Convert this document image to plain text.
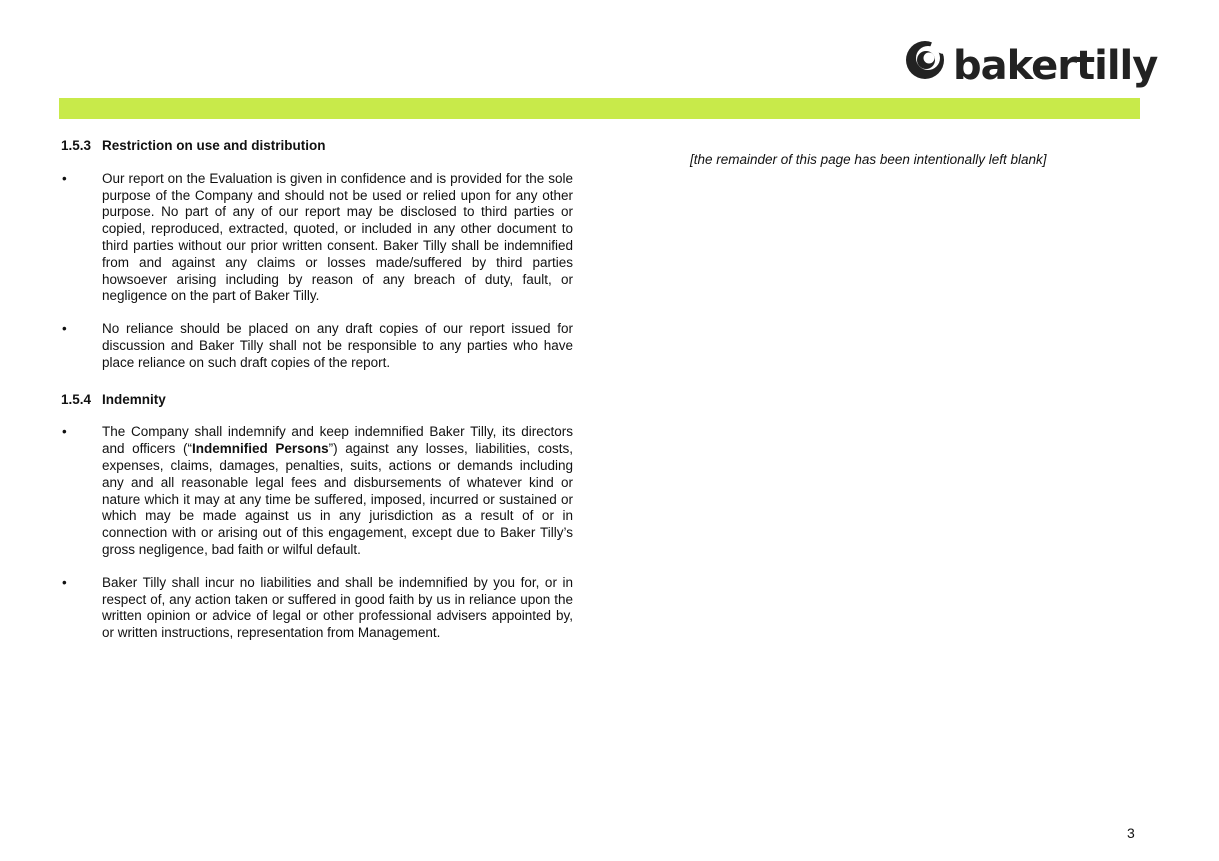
bakertilly
1.5.3 Restriction on use and distribution
•	Our report on the Evaluation is given in confidence and is provided for the sole purpose of the Company and should not be used or relied upon for any other purpose. No part of any of our report may be disclosed to third parties or copied, reproduced, extracted, quoted, or included in any other document to third parties without our prior written consent. Baker Tilly shall be indemnified from and against any claims or losses made/suffered by third parties howsoever arising including by reason of any breach of duty, fault, or negligence on the part of Baker Tilly.
•	No reliance should be placed on any draft copies of our report issued for discussion and Baker Tilly shall not be responsible to any parties who have place reliance on such draft copies of the report.
1.5.4 Indemnity
•	The Company shall indemnify and keep indemnified Baker Tilly, its directors and officers (“Indemnified Persons”) against any losses, liabilities, costs, expenses, claims, damages, penalties, suits, actions or demands including any and all reasonable legal fees and disbursements of whatever kind or nature which it may at any time be suffered, imposed, incurred or sustained or which may be made against us in any jurisdiction as a result of or in connection with or arising out of this engagement, except due to Baker Tilly’s gross negligence, bad faith or wilful default.
•	Baker Tilly shall incur no liabilities and shall be indemnified by you for, or in respect of, any action taken or suffered in good faith by us in reliance upon the written opinion or advice of legal or other professional advisers appointed by, or written instructions, representation from Management.
[the remainder of this page has been intentionally left blank]
3
